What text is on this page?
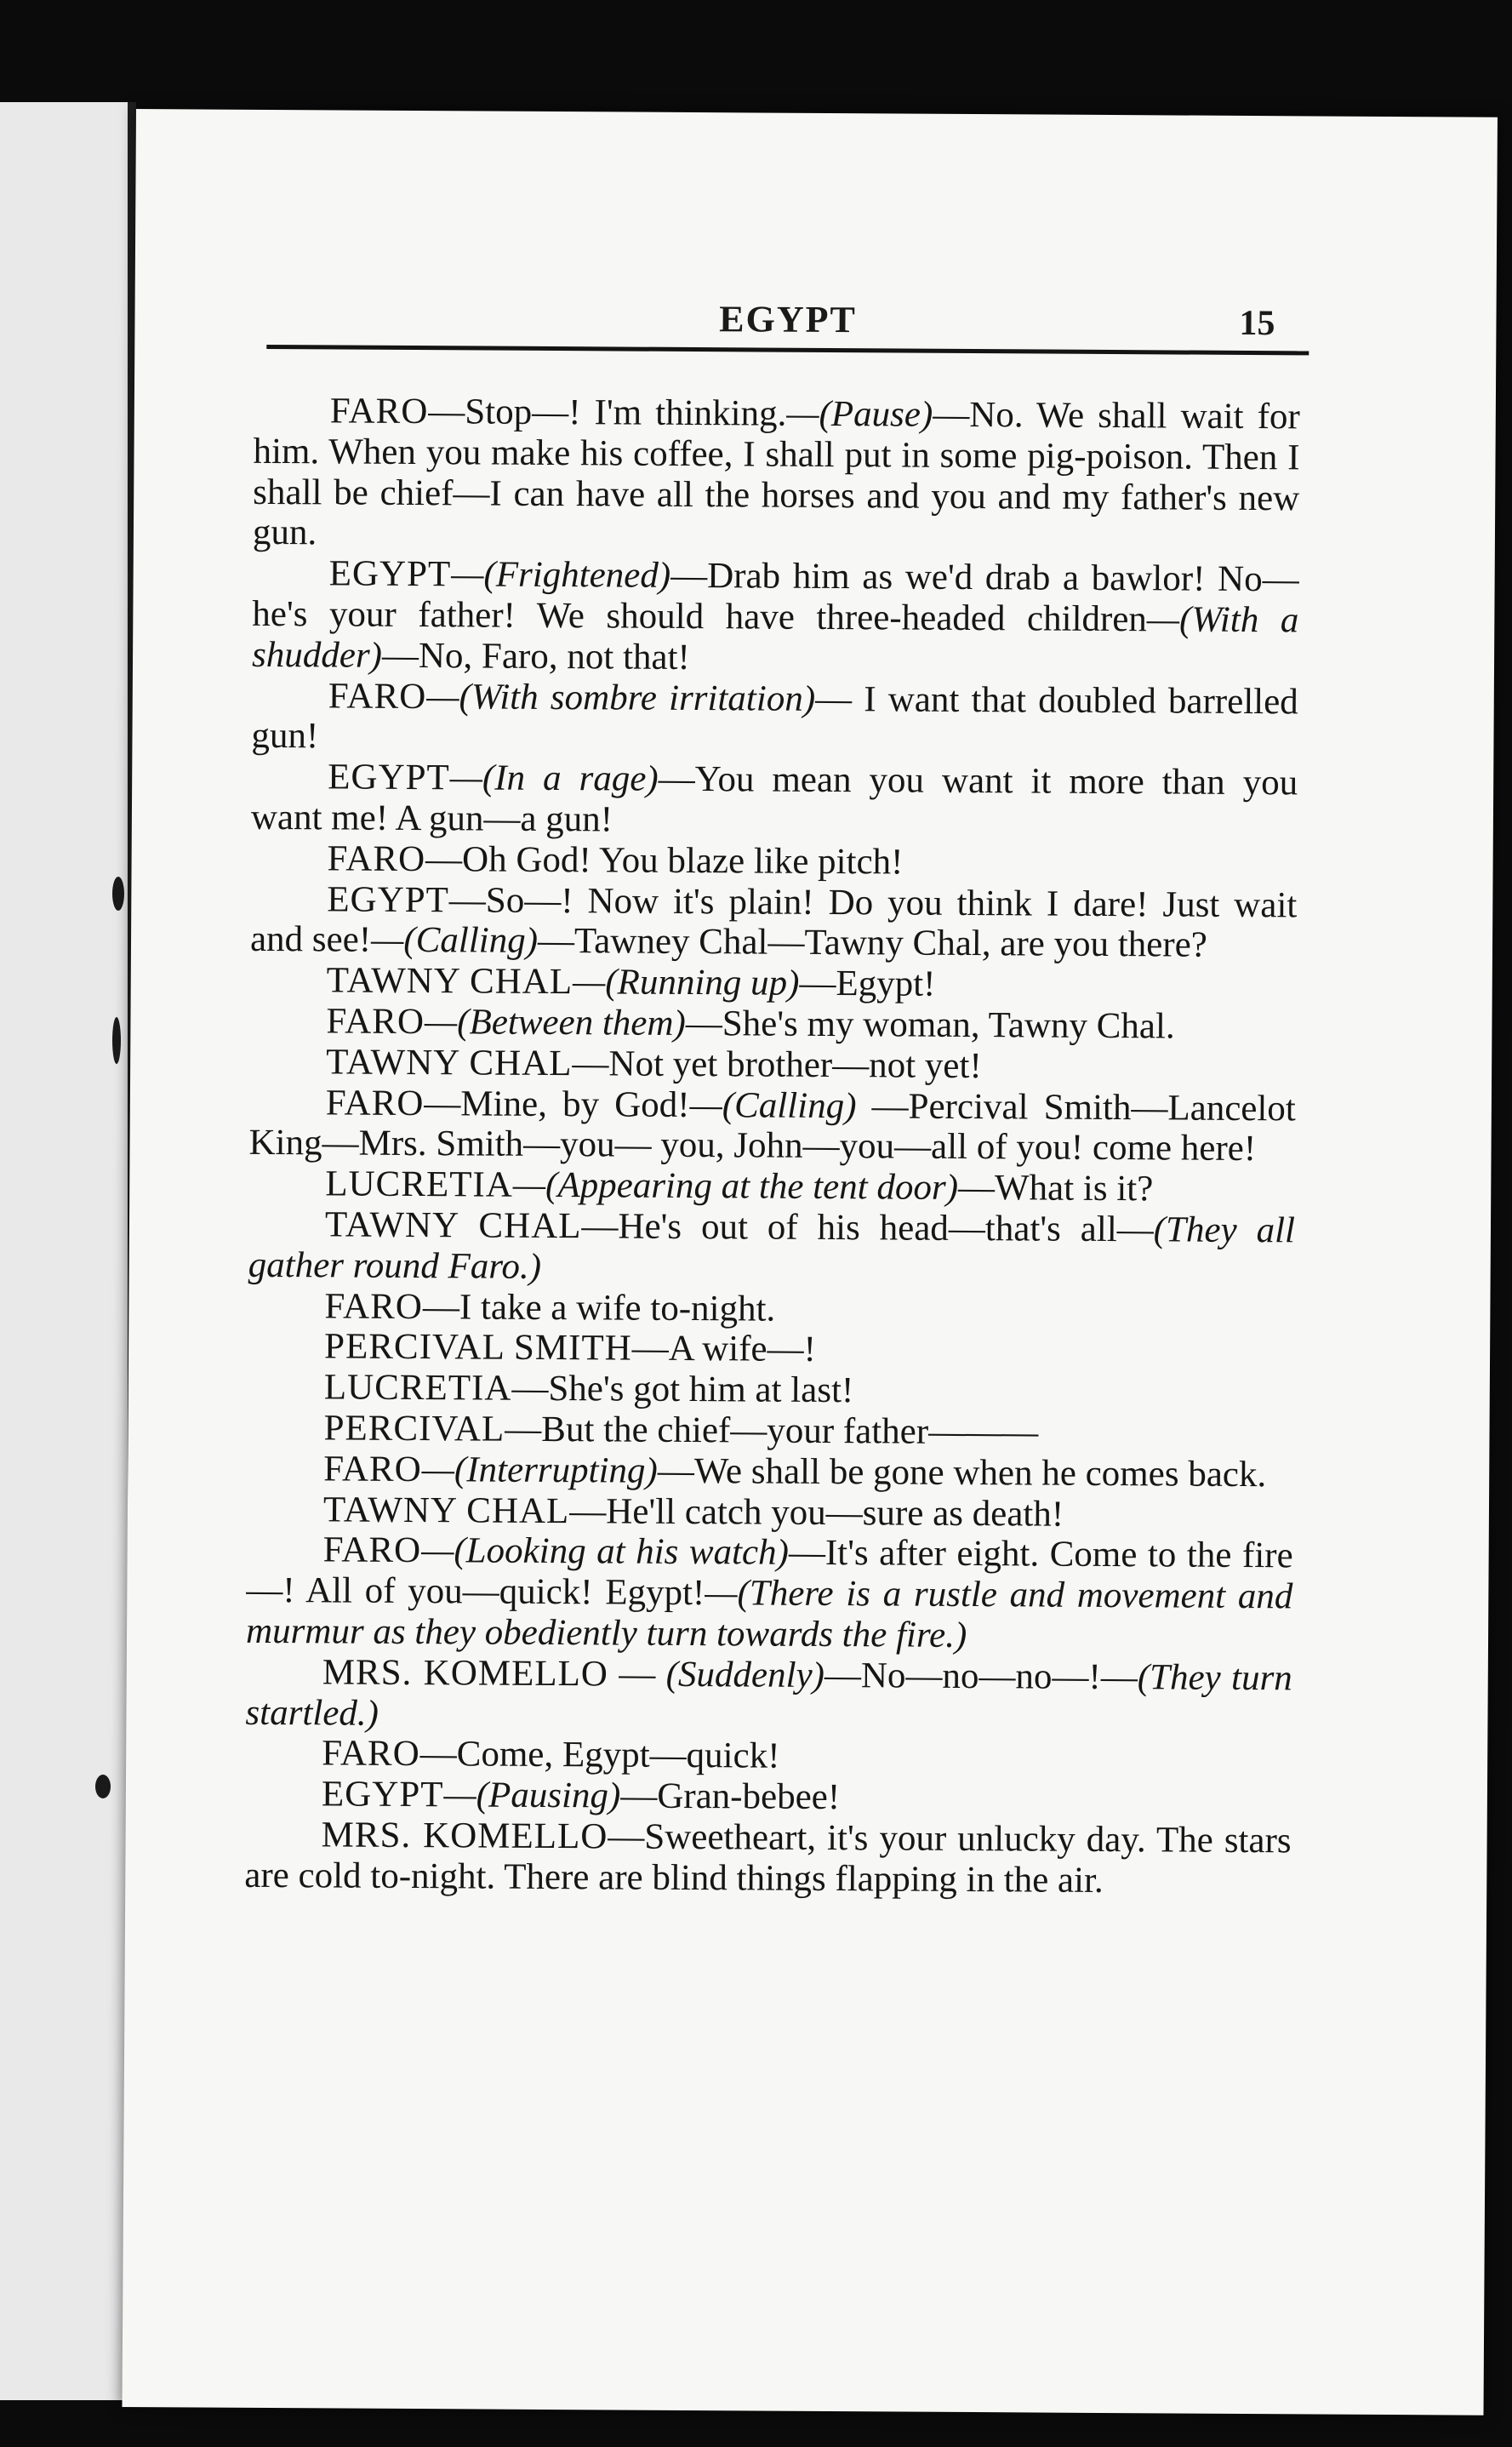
EGYPT	15

FARO—Stop—! I'm thinking.—(Pause)—No. We shall wait for him. When you make his coffee, I shall put in some pig-poison. Then I shall be chief—I can have all the horses and you and my father's new gun.

EGYPT—(Frightened)—Drab him as we'd drab a bawlor! No—he's your father! We should have three-headed children—(With a shudder)—No, Faro, not that!

FARO—(With sombre irritation)— I want that doubled barrelled gun!

EGYPT—(In a rage)—You mean you want it more than you want me! A gun—a gun!

FARO—Oh God! You blaze like pitch!

EGYPT—So—! Now it's plain! Do you think I dare! Just wait and see!—(Calling)—Tawney Chal—Tawny Chal, are you there?

TAWNY CHAL—(Running up)—Egypt!

FARO—(Between them)—She's my woman, Tawny Chal.

TAWNY CHAL—Not yet brother—not yet!

FARO—Mine, by God!—(Calling) —Percival Smith—Lancelot King—Mrs. Smith—you— you, John—you—all of you! come here!

LUCRETIA—(Appearing at the tent door)—What is it?

TAWNY CHAL—He's out of his head—that's all—(They all gather round Faro.)

FARO—I take a wife to-night.

PERCIVAL SMITH—A wife—!

LUCRETIA—She's got him at last!

PERCIVAL—But the chief—your father———

FARO—(Interrupting)—We shall be gone when he comes back.

TAWNY CHAL—He'll catch you—sure as death!

FARO—(Looking at his watch)—It's after eight. Come to the fire—! All of you—quick! Egypt!—(There is a rustle and movement and murmur as they obediently turn towards the fire.)

MRS. KOMELLO — (Suddenly)—No—no—no—!—(They turn startled.)

FARO—Come, Egypt—quick!

EGYPT—(Pausing)—Gran-bebee!

MRS. KOMELLO—Sweetheart, it's your unlucky day. The stars are cold to-night. There are blind things flapping in the air.
